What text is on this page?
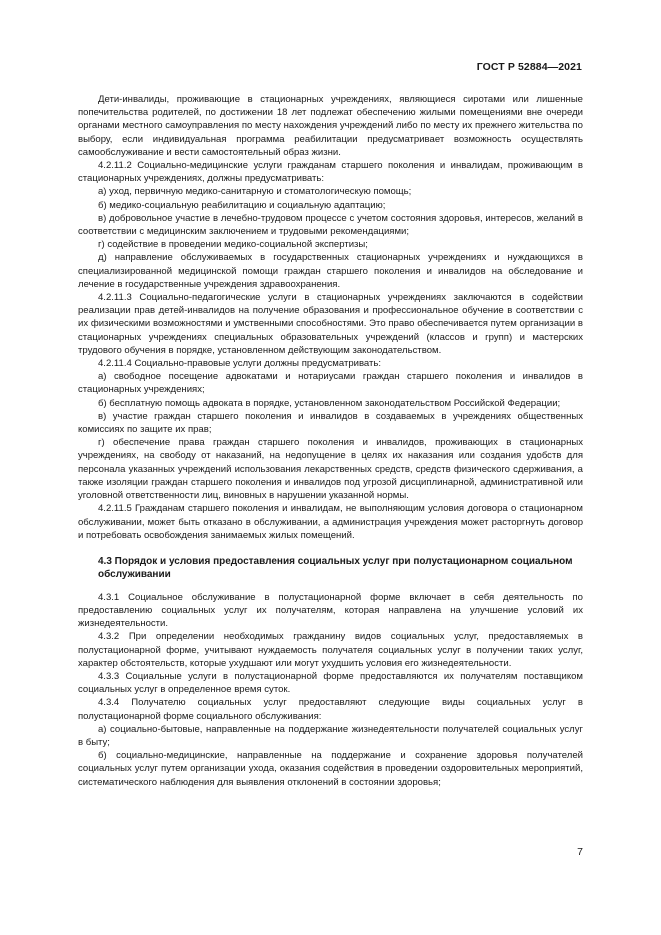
ГОСТ Р 52884—2021

Дети-инвалиды, проживающие в стационарных учреждениях, являющиеся сиротами или лишенные попечительства родителей, по достижении 18 лет подлежат обеспечению жилыми помещениями вне очереди органами местного самоуправления по месту нахождения учреждений либо по месту их прежнего жительства по выбору, если индивидуальная программа реабилитации предусматривает возможность осуществлять самообслуживание и вести самостоятельный образ жизни.

4.2.11.2 Социально-медицинские услуги гражданам старшего поколения и инвалидам, проживающим в стационарных учреждениях, должны предусматривать:

а) уход, первичную медико-санитарную и стоматологическую помощь;

б) медико-социальную реабилитацию и социальную адаптацию;

в) добровольное участие в лечебно-трудовом процессе с учетом состояния здоровья, интересов, желаний в соответствии с медицинским заключением и трудовыми рекомендациями;

г) содействие в проведении медико-социальной экспертизы;

д) направление обслуживаемых в государственных стационарных учреждениях и нуждающихся в специализированной медицинской помощи граждан старшего поколения и инвалидов на обследование и лечение в государственные учреждения здравоохранения.

4.2.11.3 Социально-педагогические услуги в стационарных учреждениях заключаются в содействии реализации прав детей-инвалидов на получение образования и профессиональное обучение в соответствии с их физическими возможностями и умственными способностями. Это право обеспечивается путем организации в стационарных учреждениях специальных образовательных учреждений (классов и групп) и мастерских трудового обучения в порядке, установленном действующим законодательством.

4.2.11.4 Социально-правовые услуги должны предусматривать:

а) свободное посещение адвокатами и нотариусами граждан старшего поколения и инвалидов в стационарных учреждениях;

б) бесплатную помощь адвоката в порядке, установленном законодательством Российской Федерации;

в) участие граждан старшего поколения и инвалидов в создаваемых в учреждениях общественных комиссиях по защите их прав;

г) обеспечение права граждан старшего поколения и инвалидов, проживающих в стационарных учреждениях, на свободу от наказаний, на недопущение в целях их наказания или создания удобств для персонала указанных учреждений использования лекарственных средств, средств физического сдерживания, а также изоляции граждан старшего поколения и инвалидов под угрозой дисциплинарной, административной или уголовной ответственности лиц, виновных в нарушении указанной нормы.

4.2.11.5 Гражданам старшего поколения и инвалидам, не выполняющим условия договора о стационарном обслуживании, может быть отказано в обслуживании, а администрация учреждения может расторгнуть договор и потребовать освобождения занимаемых жилых помещений.

4.3 Порядок и условия предоставления социальных услуг при полустационарном социальном обслуживании

4.3.1 Социальное обслуживание в полустационарной форме включает в себя деятельность по предоставлению социальных услуг их получателям, которая направлена на улучшение условий их жизнедеятельности.

4.3.2 При определении необходимых гражданину видов социальных услуг, предоставляемых в полустационарной форме, учитывают нуждаемость получателя социальных услуг в получении таких услуг, характер обстоятельств, которые ухудшают или могут ухудшить условия его жизнедеятельности.

4.3.3 Социальные услуги в полустационарной форме предоставляются их получателям поставщиком социальных услуг в определенное время суток.

4.3.4 Получателю социальных услуг предоставляют следующие виды социальных услуг в полустационарной форме социального обслуживания:

а) социально-бытовые, направленные на поддержание жизнедеятельности получателей социальных услуг в быту;

б) социально-медицинские, направленные на поддержание и сохранение здоровья получателей социальных услуг путем организации ухода, оказания содействия в проведении оздоровительных мероприятий, систематического наблюдения для выявления отклонений в состоянии здоровья;

7
